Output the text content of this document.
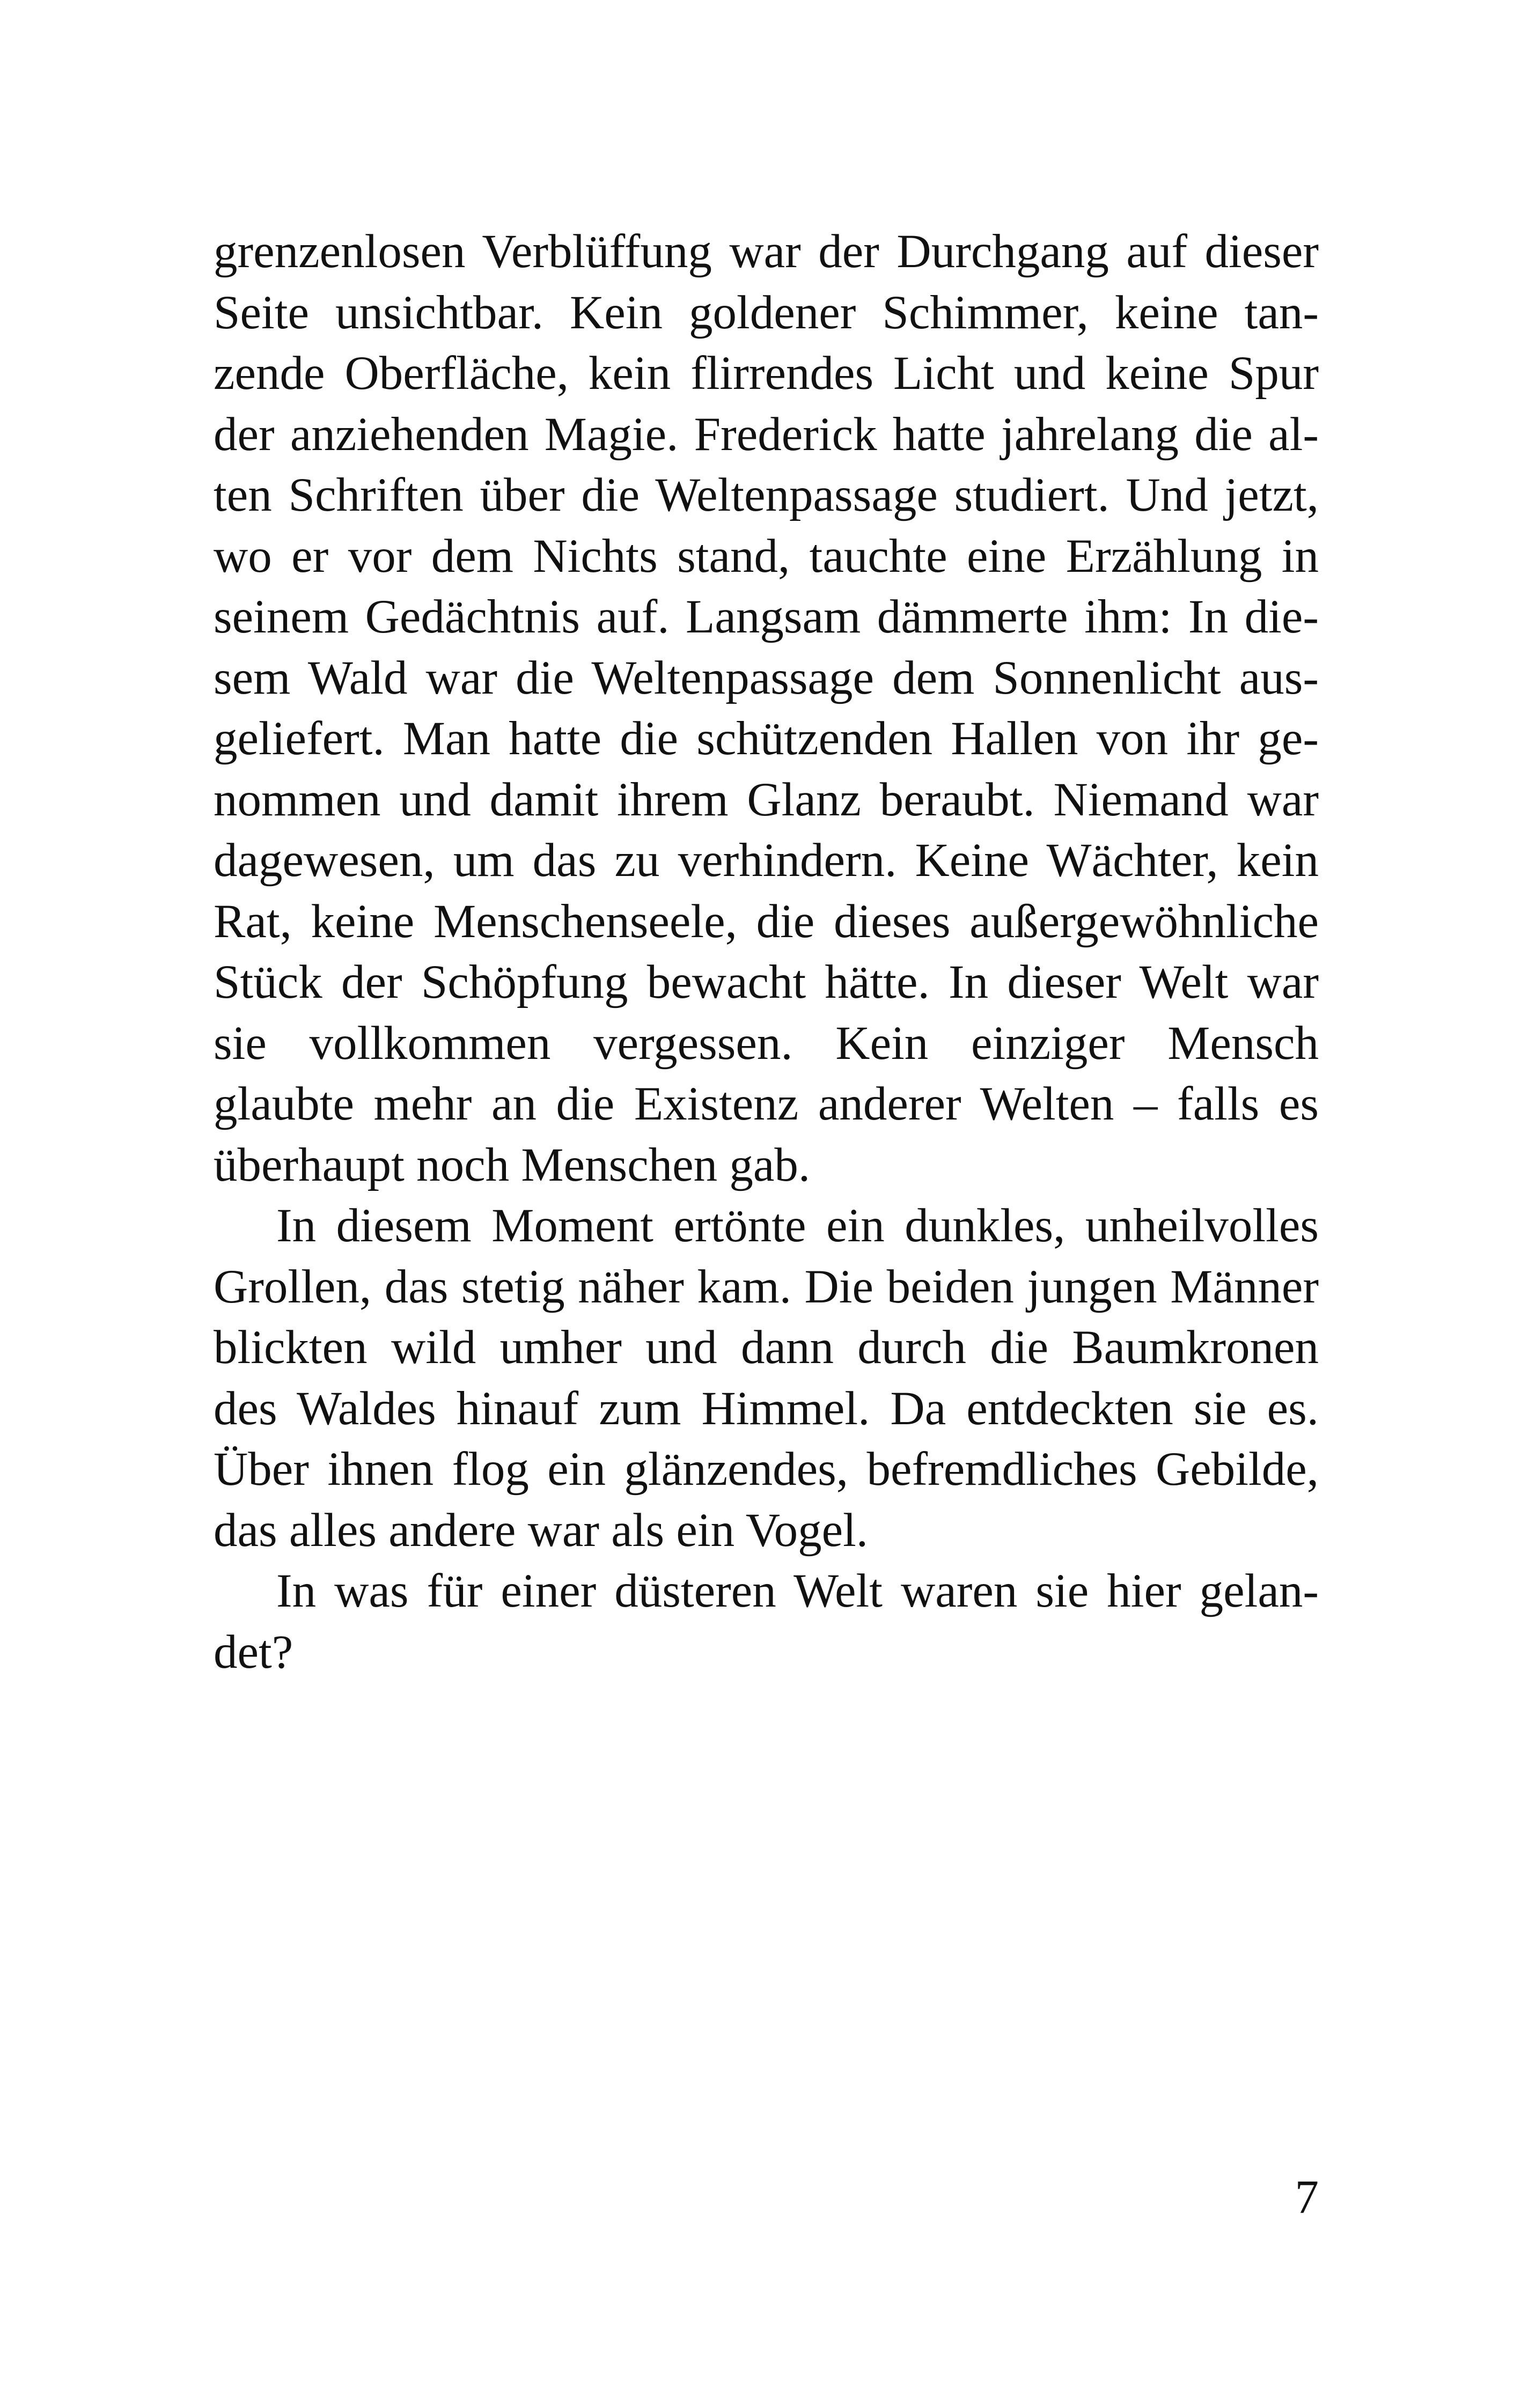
grenzenlosen Verblüffung war der Durchgang auf dieser
Seite unsichtbar. Kein goldener Schimmer, keine tan-
zende Oberfläche, kein flirrendes Licht und keine Spur
der anziehenden Magie. Frederick hatte jahrelang die al-
ten Schriften über die Weltenpassage studiert. Und jetzt,
wo er vor dem Nichts stand, tauchte eine Erzählung in
seinem Gedächtnis auf. Langsam dämmerte ihm: In die-
sem Wald war die Weltenpassage dem Sonnenlicht aus-
geliefert. Man hatte die schützenden Hallen von ihr ge-
nommen und damit ihrem Glanz beraubt. Niemand war
dagewesen, um das zu verhindern. Keine Wächter, kein
Rat, keine Menschenseele, die dieses außergewöhnliche
Stück der Schöpfung bewacht hätte. In dieser Welt war
sie vollkommen vergessen. Kein einziger Mensch
glaubte mehr an die Existenz anderer Welten – falls es
überhaupt noch Menschen gab.
In diesem Moment ertönte ein dunkles, unheilvolles
Grollen, das stetig näher kam. Die beiden jungen Männer
blickten wild umher und dann durch die Baumkronen
des Waldes hinauf zum Himmel. Da entdeckten sie es.
Über ihnen flog ein glänzendes, befremdliches Gebilde,
das alles andere war als ein Vogel.
In was für einer düsteren Welt waren sie hier gelan-
det?
7
